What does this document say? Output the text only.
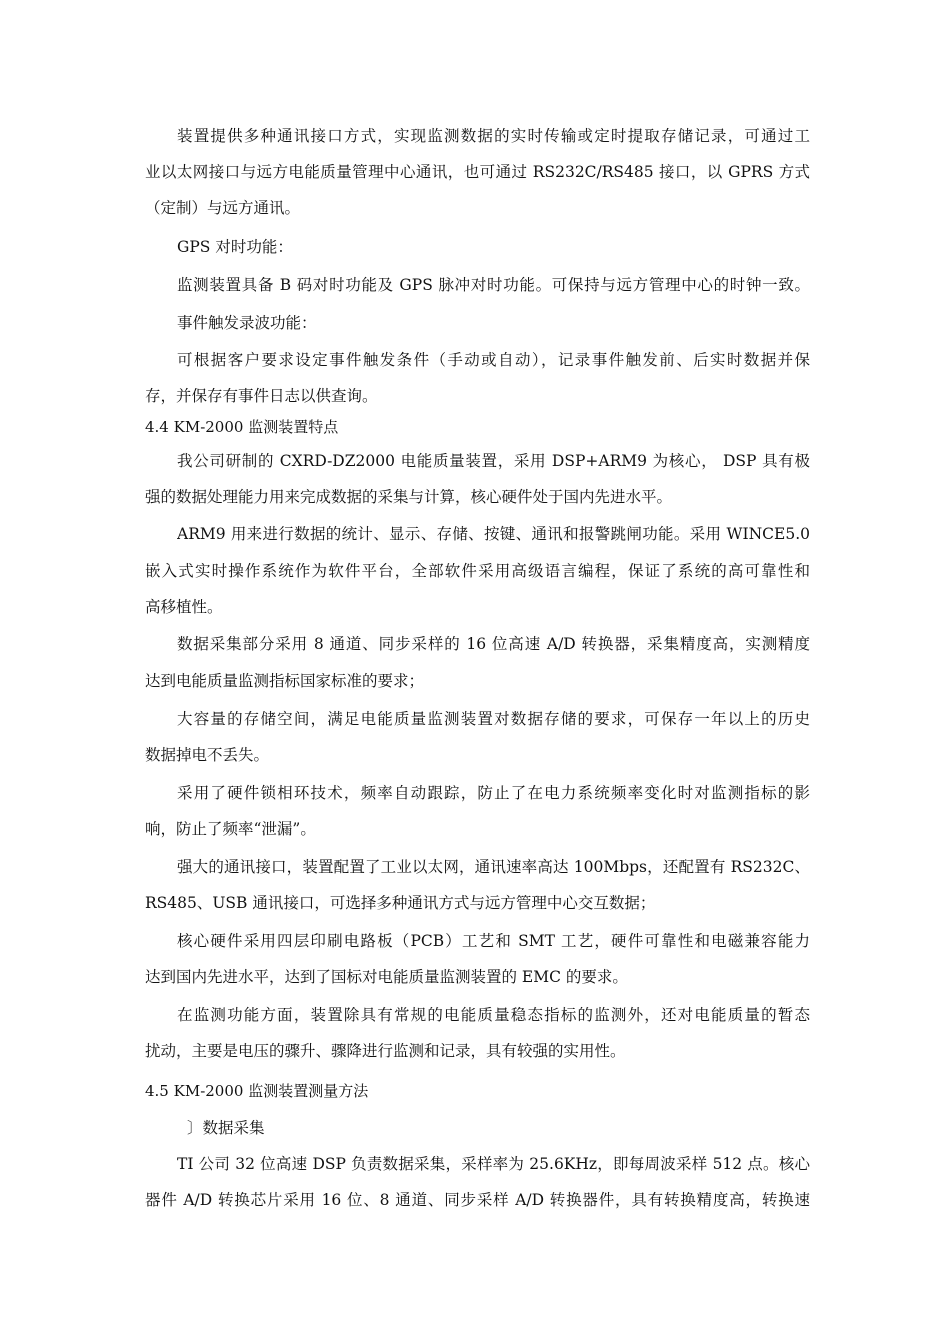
装置提供多种通讯接口方式，实现监测数据的实时传输或定时提取存储记录，可通过工
业以太网接口与远方电能质量管理中心通讯，也可通过 RS232C/RS485 接口，以 GPRS 方式
（定制）与远方通讯。
GPS 对时功能：
监测装置具备 B 码对时功能及 GPS 脉冲对时功能。可保持与远方管理中心的时钟一致。
事件触发录波功能：
可根据客户要求设定事件触发条件（手动或自动），记录事件触发前、后实时数据并保
存，并保存有事件日志以供查询。
4.4 KM-2000 监测装置特点
我公司研制的 CXRD-DZ2000 电能质量装置，采用 DSP+ARM9 为核心， DSP 具有极
强的数据处理能力用来完成数据的采集与计算，核心硬件处于国内先进水平。
ARM9 用来进行数据的统计、显示、存储、按键、通讯和报警跳闸功能。采用 WINCE5.0
嵌入式实时操作系统作为软件平台，全部软件采用高级语言编程，保证了系统的高可靠性和
高移植性。
数据采集部分采用 8 通道、同步采样的 16 位高速 A/D 转换器，采集精度高，实测精度
达到电能质量监测指标国家标准的要求；
大容量的存储空间，满足电能质量监测装置对数据存储的要求，可保存一年以上的历史
数据掉电不丢失。
采用了硬件锁相环技术，频率自动跟踪，防止了在电力系统频率变化时对监测指标的影
响，防止了频率“泄漏”。
强大的通讯接口，装置配置了工业以太网，通讯速率高达 100Mbps，还配置有 RS232C、
RS485、USB 通讯接口，可选择多种通讯方式与远方管理中心交互数据；
核心硬件采用四层印刷电路板（PCB）工艺和 SMT 工艺，硬件可靠性和电磁兼容能力
达到国内先进水平，达到了国标对电能质量监测装置的 EMC 的要求。
在监测功能方面，装置除具有常规的电能质量稳态指标的监测外，还对电能质量的暂态
扰动，主要是电压的骤升、骤降进行监测和记录，具有较强的实用性。
4.5 KM-2000 监测装置测量方法
〕数据采集
TI 公司 32 位高速 DSP 负责数据采集，采样率为 25.6KHz，即每周波采样 512 点。核心
器件 A/D 转换芯片采用 16 位、8 通道、同步采样 A/D 转换器件，具有转换精度高，转换速
